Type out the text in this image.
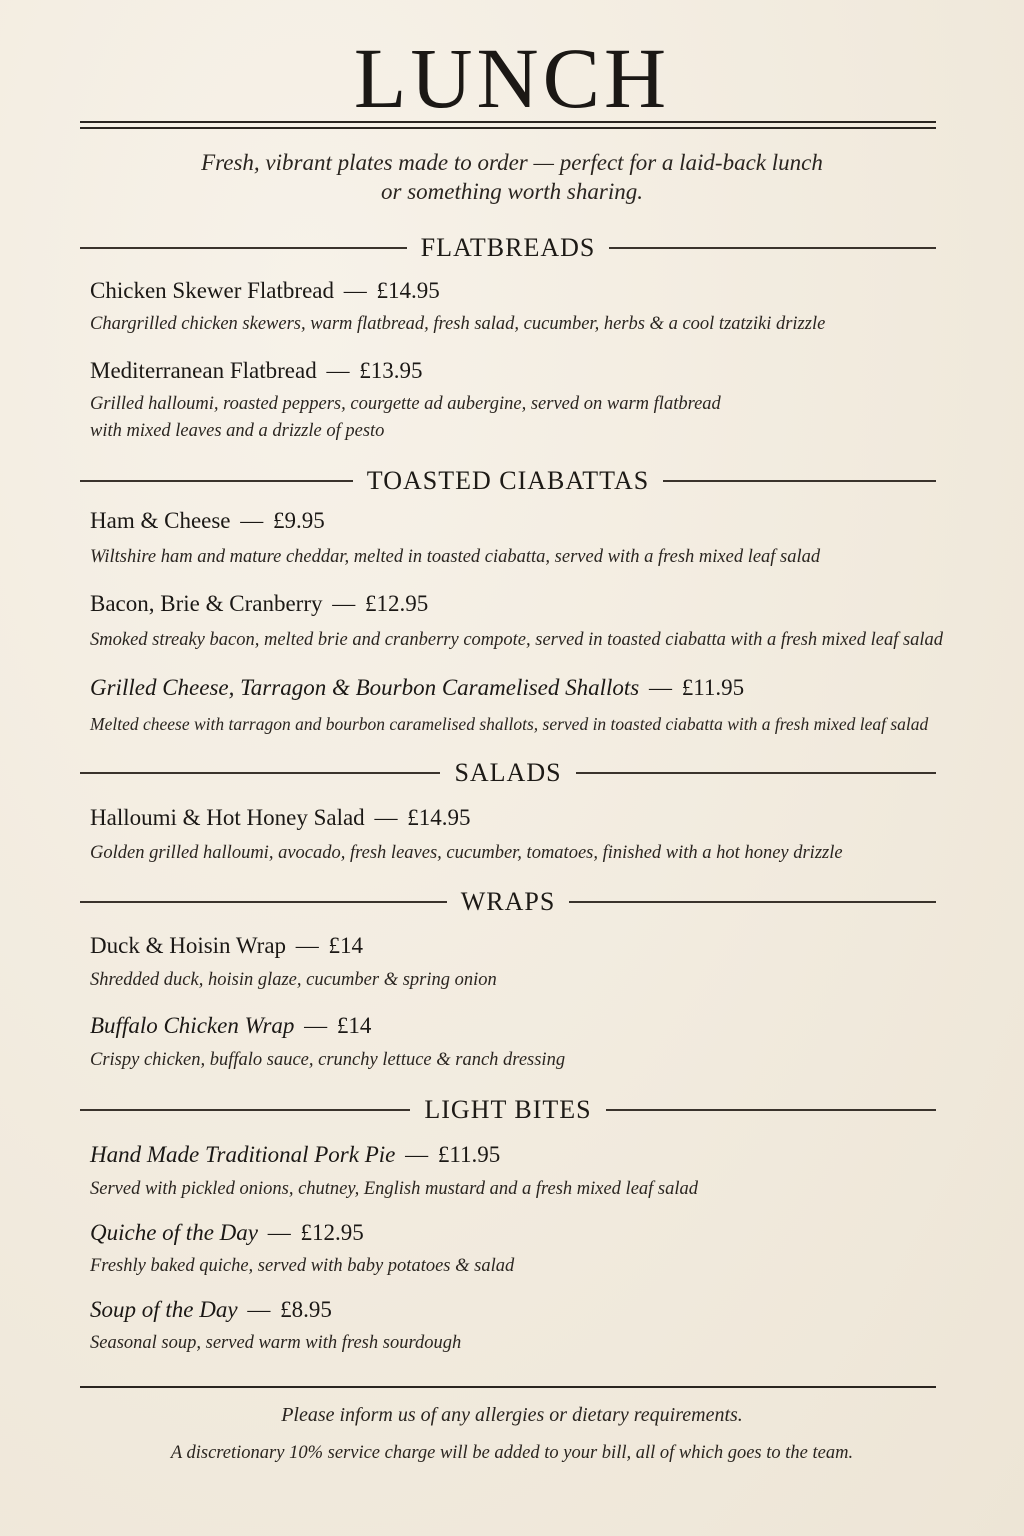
LUNCH
Fresh, vibrant plates made to order — perfect for a laid-back lunch
or something worth sharing.
FLATBREADS
Chicken Skewer Flatbread — £14.95
Chargrilled chicken skewers, warm flatbread, fresh salad, cucumber, herbs & a cool tzatziki drizzle
Mediterranean Flatbread — £13.95
Grilled halloumi, roasted peppers, courgette ad aubergine, served on warm flatbread
with mixed leaves and a drizzle of pesto
TOASTED CIABATTAS
Ham & Cheese — £9.95
Wiltshire ham and mature cheddar, melted in toasted ciabatta, served with a fresh mixed leaf salad
Bacon, Brie & Cranberry — £12.95
Smoked streaky bacon, melted brie and cranberry compote, served in toasted ciabatta with a fresh mixed leaf salad
Grilled Cheese, Tarragon & Bourbon Caramelised Shallots — £11.95
Melted cheese with tarragon and bourbon caramelised shallots, served in toasted ciabatta with a fresh mixed leaf salad
SALADS
Halloumi & Hot Honey Salad — £14.95
Golden grilled halloumi, avocado, fresh leaves, cucumber, tomatoes, finished with a hot honey drizzle
WRAPS
Duck & Hoisin Wrap — £14
Shredded duck, hoisin glaze, cucumber & spring onion
Buffalo Chicken Wrap — £14
Crispy chicken, buffalo sauce, crunchy lettuce & ranch dressing
LIGHT BITES
Hand Made Traditional Pork Pie — £11.95
Served with pickled onions, chutney, English mustard and a fresh mixed leaf salad
Quiche of the Day — £12.95
Freshly baked quiche, served with baby potatoes & salad
Soup of the Day — £8.95
Seasonal soup, served warm with fresh sourdough
Please inform us of any allergies or dietary requirements.
A discretionary 10% service charge will be added to your bill, all of which goes to the team.
